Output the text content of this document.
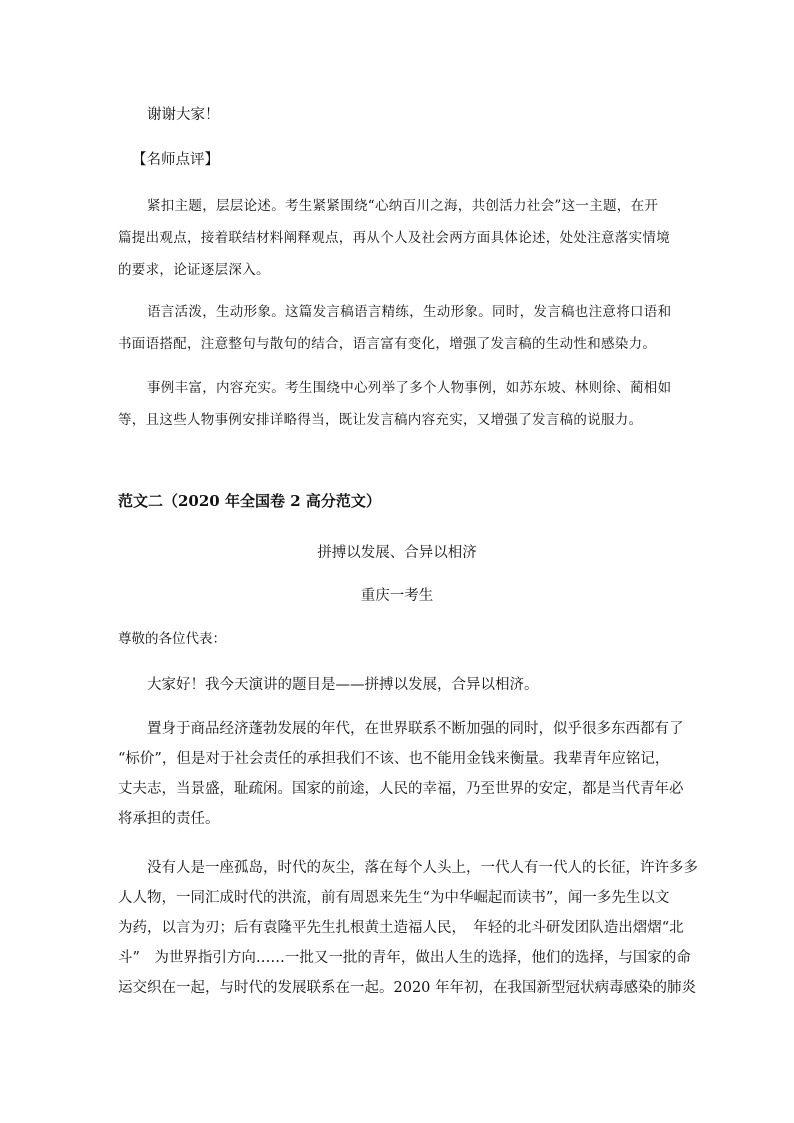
谢谢大家！
【名师点评】
紧扣主题，层层论述。考生紧紧围绕“心纳百川之海，共创活力社会”这一主题，在开
篇提出观点，接着联结材料阐释观点，再从个人及社会两方面具体论述，处处注意落实情境
的要求，论证逐层深入。
语言活泼，生动形象。这篇发言稿语言精练，生动形象。同时，发言稿也注意将口语和
书面语搭配，注意整句与散句的结合，语言富有变化，增强了发言稿的生动性和感染力。
事例丰富，内容充实。考生围绕中心列举了多个人物事例，如苏东坡、林则徐、蔺相如
等，且这些人物事例安排详略得当，既让发言稿内容充实，又增强了发言稿的说服力。
范文二（2020 年全国卷 2 高分范文）
拼搏以发展、合异以相济
重庆一考生
尊敬的各位代表：
大家好！我今天演讲的题目是——拼搏以发展，合异以相济。
置身于商品经济蓬勃发展的年代，在世界联系不断加强的同时，似乎很多东西都有了
“标价”，但是对于社会责任的承担我们不该、也不能用金钱来衡量。我辈青年应铭记，
丈夫志，当景盛，耻疏闲。国家的前途，人民的幸福，乃至世界的安定，都是当代青年必
将承担的责任。
没有人是一座孤岛，时代的灰尘，落在每个人头上，一代人有一代人的长征，许许多多
人人物，一同汇成时代的洪流，前有周恩来先生“为中华崛起而读书”，闻一多先生以文
为药，以言为刃；后有袁隆平先生扎根黄土造福人民，　年轻的北斗研发团队造出熠熠“北
斗”　为世界指引方向……一批又一批的青年，做出人生的选择，他们的选择，与国家的命
运交织在一起，与时代的发展联系在一起。2020 年年初，在我国新型冠状病毒感染的肺炎
